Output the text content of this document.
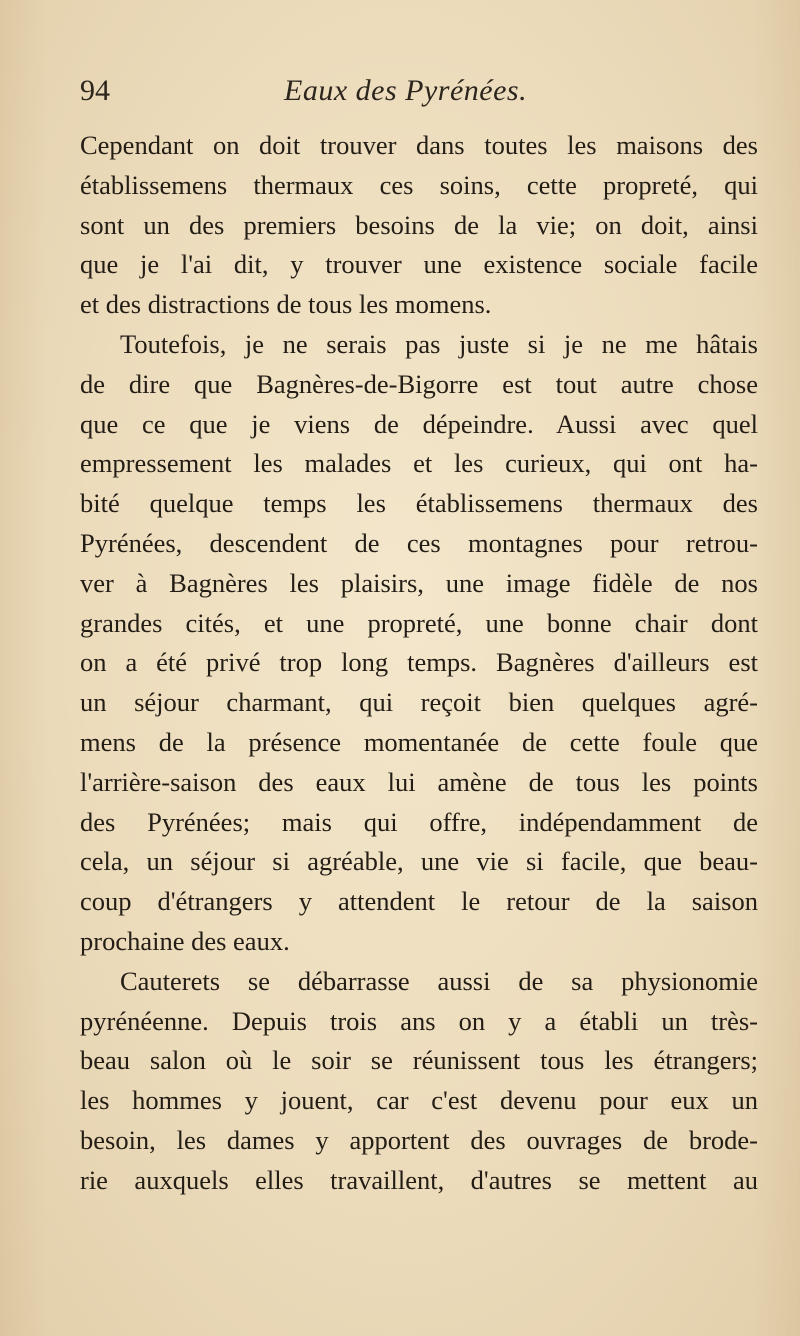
94	Eaux des Pyrénées.
Cependant on doit trouver dans toutes les maisons des
établissemens thermaux ces soins, cette propreté, qui
sont un des premiers besoins de la vie; on doit, ainsi
que je l'ai dit, y trouver une existence sociale facile
et des distractions de tous les momens.
Toutefois, je ne serais pas juste si je ne me hâtais
de dire que Bagnères-de-Bigorre est tout autre chose
que ce que je viens de dépeindre. Aussi avec quel
empressement les malades et les curieux, qui ont ha-
bité quelque temps les établissemens thermaux des
Pyrénées, descendent de ces montagnes pour retrou-
ver à Bagnères les plaisirs, une image fidèle de nos
grandes cités, et une propreté, une bonne chair dont
on a été privé trop long temps. Bagnères d'ailleurs est
un séjour charmant, qui reçoit bien quelques agré-
mens de la présence momentanée de cette foule que
l'arrière-saison des eaux lui amène de tous les points
des Pyrénées; mais qui offre, indépendamment de
cela, un séjour si agréable, une vie si facile, que beau-
coup d'étrangers y attendent le retour de la saison
prochaine des eaux.
Cauterets se débarrasse aussi de sa physionomie
pyrénéenne. Depuis trois ans on y a établi un très-
beau salon où le soir se réunissent tous les étrangers;
les hommes y jouent, car c'est devenu pour eux un
besoin, les dames y apportent des ouvrages de brode-
rie auxquels elles travaillent, d'autres se mettent au
